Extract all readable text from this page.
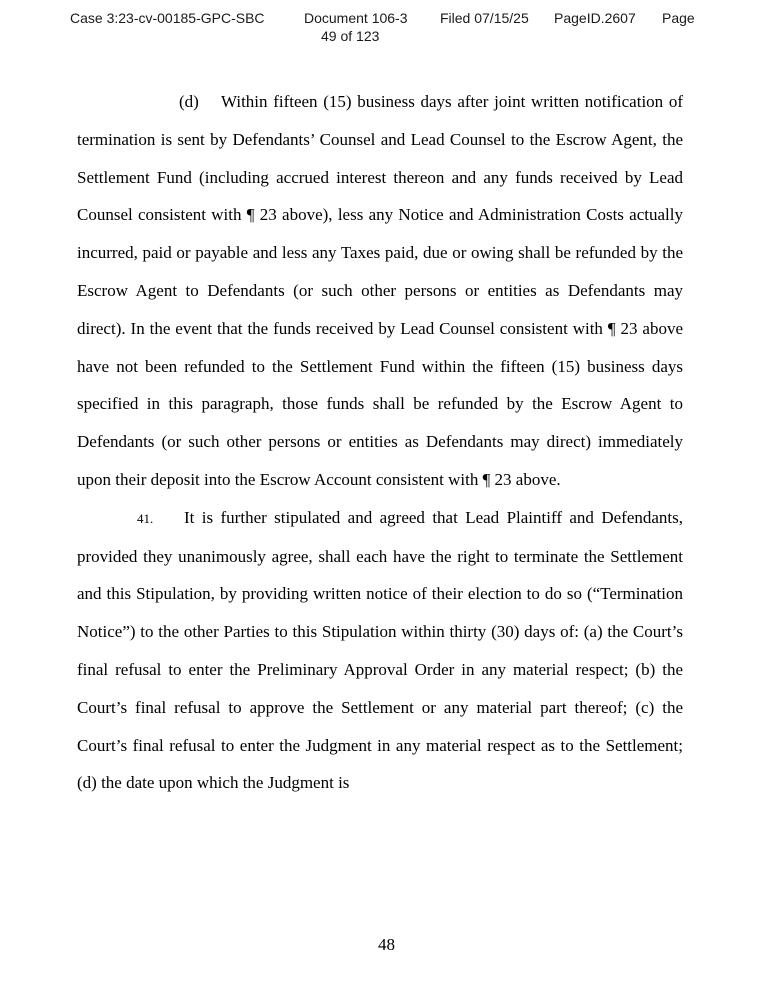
Case 3:23-cv-00185-GPC-SBC	Document 106-3
49 of 123
Filed 07/15/25 PageID.2607 Page

(d) Within fifteen (15) business days after joint written notification of termination is sent by Defendants’ Counsel and Lead Counsel to the Escrow Agent, the Settlement Fund (including accrued interest thereon and any funds received by Lead Counsel consistent with ¶ 23 above), less any Notice and Administration Costs actually incurred, paid or payable and less any Taxes paid, due or owing shall be refunded by the Escrow Agent to Defendants (or such other persons or entities as Defendants may direct). In the event that the funds received by Lead Counsel consistent with ¶ 23 above have not been refunded to the Settlement Fund within the fifteen (15) business days specified in this paragraph, those funds shall be refunded by the Escrow Agent to Defendants (or such other persons or entities as Defendants may direct) immediately upon their deposit into the Escrow Account consistent with ¶ 23 above.

41. It is further stipulated and agreed that Lead Plaintiff and Defendants, provided they unanimously agree, shall each have the right to terminate the Settlement and this Stipulation, by providing written notice of their election to do so (“Termination Notice”) to the other Parties to this Stipulation within thirty (30) days of: (a) the Court’s final refusal to enter the Preliminary Approval Order in any material respect; (b) the Court’s final refusal to approve the Settlement or any material part thereof; (c) the Court’s final refusal to enter the Judgment in any material respect as to the Settlement; (d) the date upon which the Judgment is

48
